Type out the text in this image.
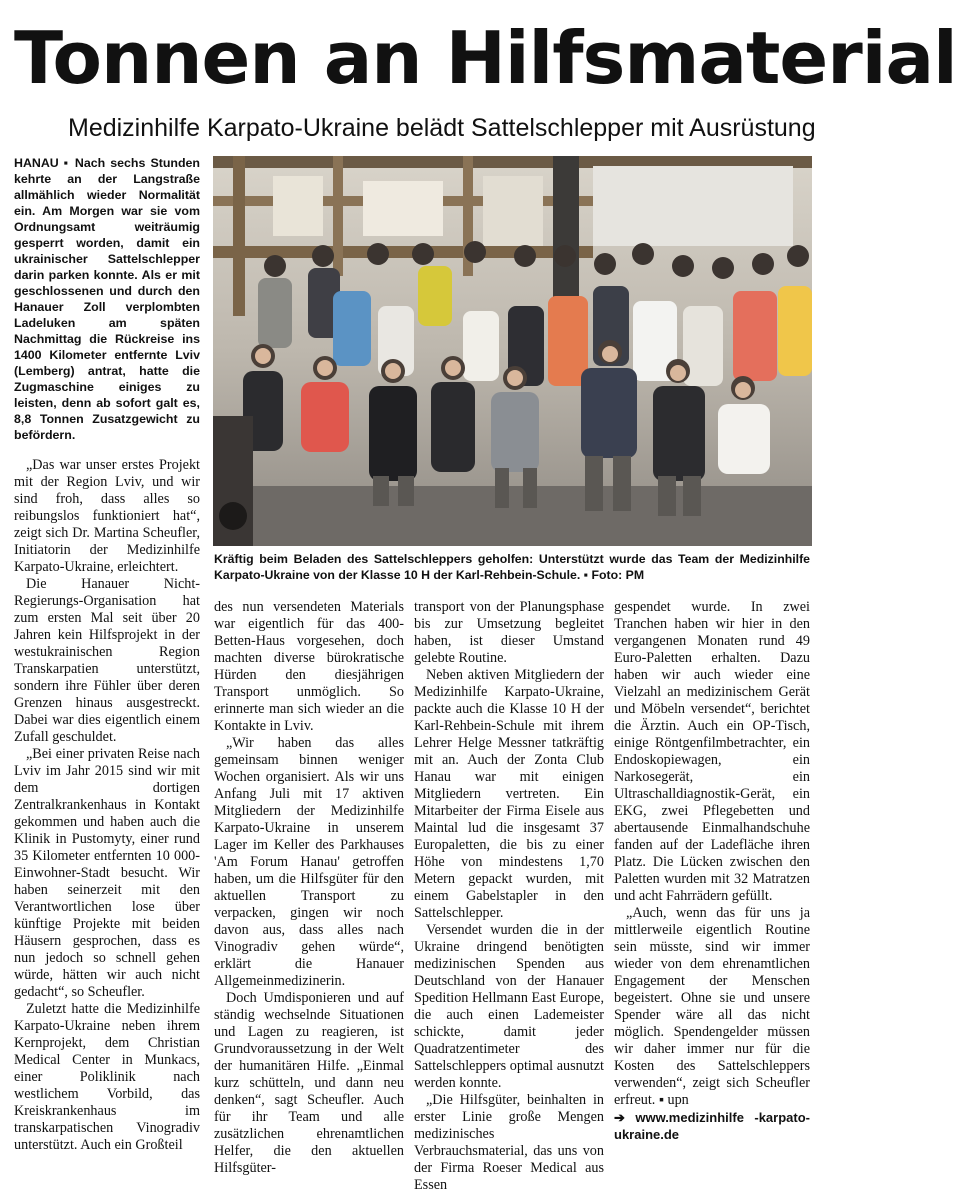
Tonnen an Hilfsmaterial
Medizinhilfe Karpato-Ukraine belädt Sattelschlepper mit Ausrüstung
HANAU ▪ Nach sechs Stunden kehrte an der Langstraße allmählich wieder Normalität ein. Am Morgen war sie vom Ordnungsamt weiträumig gesperrt worden, damit ein ukrainischer Sattelschlepper darin parken konnte. Als er mit geschlossenen und durch den Hanauer Zoll verplombten Ladeluken am späten Nachmittag die Rückreise ins 1400 Kilometer entfernte Lviv (Lemberg) antrat, hatte die Zugmaschine einiges zu leisten, denn ab sofort galt es, 8,8 Tonnen Zusatzgewicht zu befördern.
Kräftig beim Beladen des Sattelschleppers geholfen: Unterstützt wurde das Team der Medizinhilfe Karpato-Ukraine von der Klasse 10 H der Karl-Rehbein-Schule. ▪ Foto: PM

„Das war unser erstes Projekt mit der Region Lviv, und wir sind froh, dass alles so reibungslos funktioniert hat“, zeigt sich Dr. Martina Scheufler, Initiatorin der Medizinhilfe Karpato-Ukraine, erleichtert.

Die Hanauer Nicht-Regierungs-Organisation hat zum ersten Mal seit über 20 Jahren kein Hilfsprojekt in der westukrainischen Region Transkarpatien unterstützt, sondern ihre Fühler über deren Grenzen hinaus ausgestreckt. Dabei war dies eigentlich einem Zufall geschuldet.

„Bei einer privaten Reise nach Lviv im Jahr 2015 sind wir mit dem dortigen Zentralkrankenhaus in Kontakt gekommen und haben auch die Klinik in Pustomyty, einer rund 35 Kilometer entfernten 10 000-Einwohner-Stadt besucht. Wir haben seinerzeit mit den Verantwortlichen lose über künftige Projekte mit beiden Häusern gesprochen, dass es nun jedoch so schnell gehen würde, hätten wir auch nicht gedacht“, so Scheufler.

Zuletzt hatte die Medizinhilfe Karpato-Ukraine neben ihrem Kernprojekt, dem Christian Medical Center in Munkacs, einer Poliklinik nach westlichem Vorbild, das Kreiskrankenhaus im transkarpatischen Vinogradiv unterstützt. Auch ein Großteil

des nun versendeten Materials war eigentlich für das 400-Betten-Haus vorgesehen, doch machten diverse bürokratische Hürden den diesjährigen Transport unmöglich. So erinnerte man sich wieder an die Kontakte in Lviv.

„Wir haben das alles gemeinsam binnen weniger Wochen organisiert. Als wir uns Anfang Juli mit 17 aktiven Mitgliedern der Medizinhilfe Karpato-Ukraine in unserem Lager im Keller des Parkhauses 'Am Forum Hanau' getroffen haben, um die Hilfsgüter für den aktuellen Transport zu verpacken, gingen wir noch davon aus, dass alles nach Vinogradiv gehen würde“, erklärt die Hanauer Allgemeinmedizinerin.

Doch Umdisponieren und auf ständig wechselnde Situationen und Lagen zu reagieren, ist Grundvoraussetzung in der Welt der humanitären Hilfe. „Einmal kurz schütteln, und dann neu denken“, sagt Scheufler. Auch für ihr Team und alle zusätzlichen ehrenamtlichen Helfer, die den aktuellen Hilfsgüter-

transport von der Planungsphase bis zur Umsetzung begleitet haben, ist dieser Umstand gelebte Routine.

Neben aktiven Mitgliedern der Medizinhilfe Karpato-Ukraine, packte auch die Klasse 10 H der Karl-Rehbein-Schule mit ihrem Lehrer Helge Messner tatkräftig mit an. Auch der Zonta Club Hanau war mit einigen Mitgliedern vertreten. Ein Mitarbeiter der Firma Eisele aus Maintal lud die insgesamt 37 Europaletten, die bis zu einer Höhe von mindestens 1,70 Metern gepackt wurden, mit einem Gabelstapler in den Sattelschlepper.

Versendet wurden die in der Ukraine dringend benötigten medizinischen Spenden aus Deutschland von der Hanauer Spedition Hellmann East Europe, die auch einen Lademeister schickte, damit jeder Quadratzentimeter des Sattelschleppers optimal ausnutzt werden konnte.

„Die Hilfsgüter, beinhalten in erster Linie große Mengen medizinisches Verbrauchsmaterial, das uns von der Firma Roeser Medical aus Essen

gespendet wurde. In zwei Tranchen haben wir hier in den vergangenen Monaten rund 49 Euro-Paletten erhalten. Dazu haben wir auch wieder eine Vielzahl an medizinischem Gerät und Möbeln versendet“, berichtet die Ärztin. Auch ein OP-Tisch, einige Röntgenfilmbetrachter, ein Endoskopiewagen, ein Narkosegerät, ein Ultraschalldiagnostik-Gerät, ein EKG, zwei Pflegebetten und abertausende Einmalhandschuhe fanden auf der Ladefläche ihren Platz. Die Lücken zwischen den Paletten wurden mit 32 Matratzen und acht Fahrrädern gefüllt.

„Auch, wenn das für uns ja mittlerweile eigentlich Routine sein müsste, sind wir immer wieder von dem ehrenamtlichen Engagement der Menschen begeistert. Ohne sie und unsere Spender wäre all das nicht möglich. Spendengelder müssen wir daher immer nur für die Kosten des Sattelschleppers verwenden“, zeigt sich Scheufler erfreut. ▪ upn

➔ www.medizinhilfe -karpato-ukraine.de
